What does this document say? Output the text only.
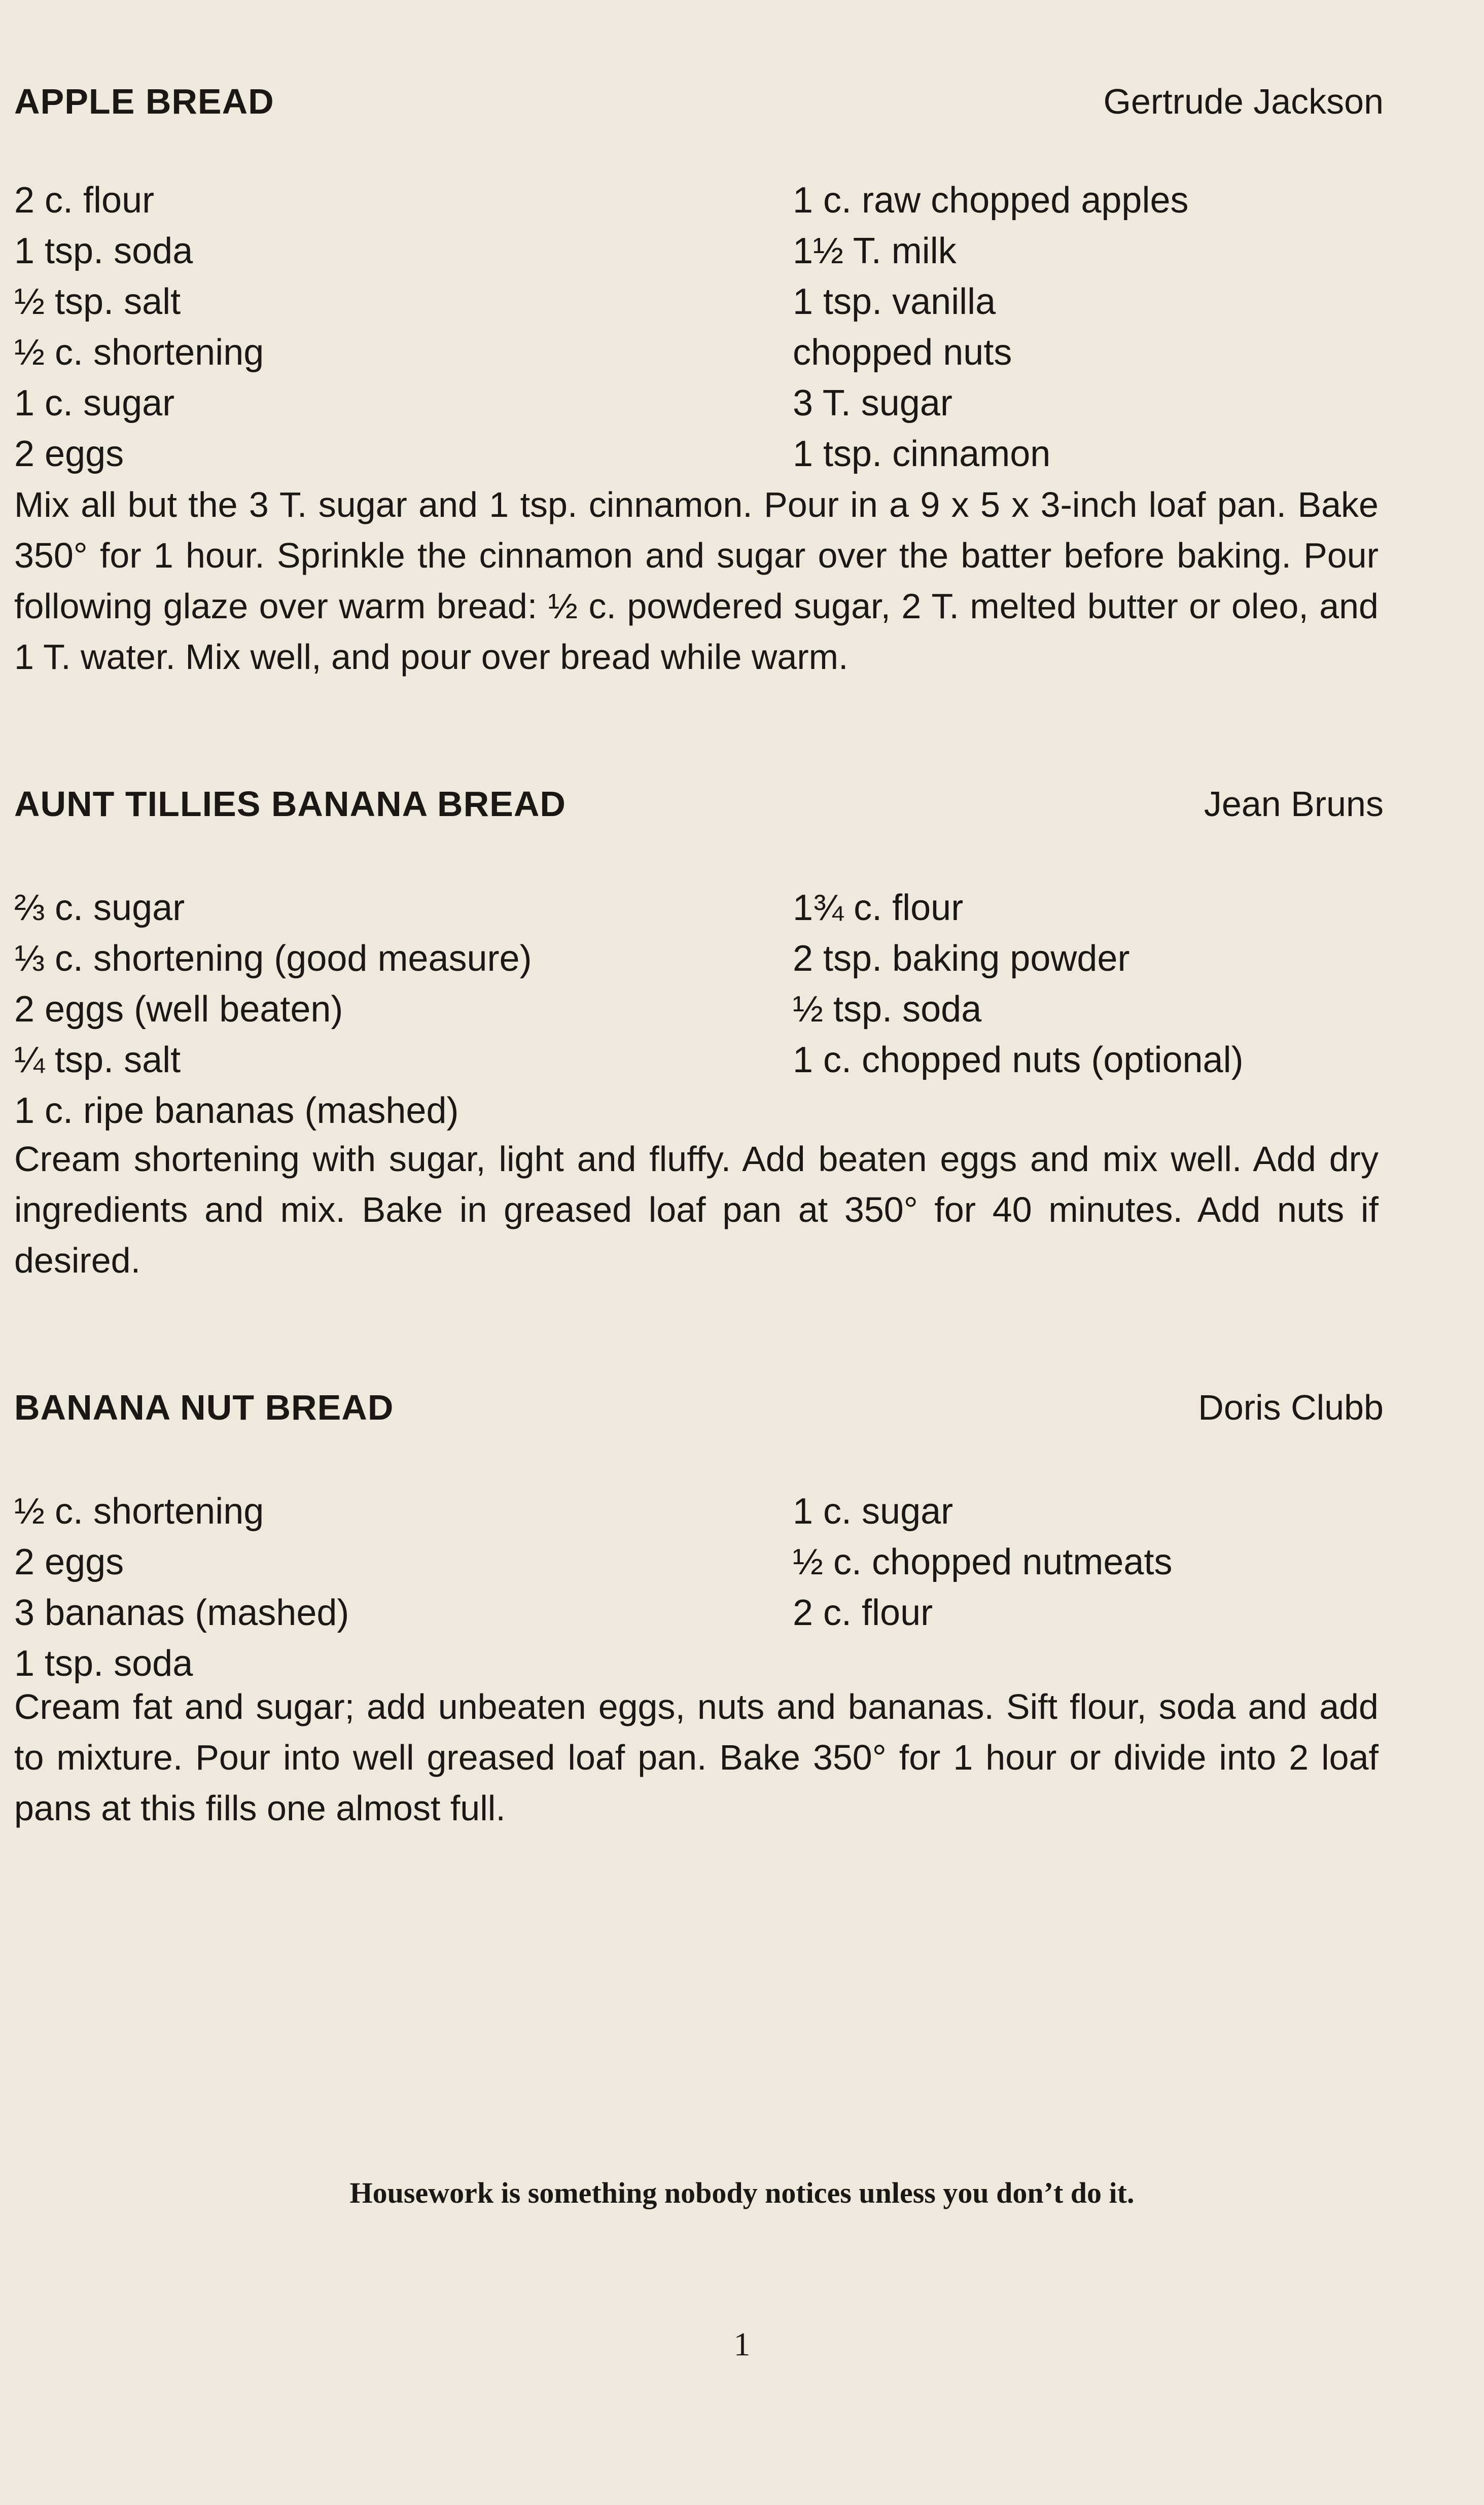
APPLE BREAD	Gertrude Jackson
2 c. flour
1 tsp. soda
½ tsp. salt
½ c. shortening
1 c. sugar
2 eggs
1 c. raw chopped apples
1½ T. milk
1 tsp. vanilla
chopped nuts
3 T. sugar
1 tsp. cinnamon

Mix all but the 3 T. sugar and 1 tsp. cinnamon. Pour in a 9 x 5 x 3-inch loaf pan. Bake 350° for 1 hour. Sprinkle the cinnamon and sugar over the batter before baking. Pour following glaze over warm bread: ½ c. powdered sugar, 2 T. melted butter or oleo, and 1 T. water. Mix well, and pour over bread while warm.

AUNT TILLIES BANANA BREAD	Jean Bruns
⅔ c. sugar
⅓ c. shortening (good measure)
2 eggs (well beaten)
¼ tsp. salt
1 c. ripe bananas (mashed)
1¾ c. flour
2 tsp. baking powder
½ tsp. soda
1 c. chopped nuts (optional)

Cream shortening with sugar, light and fluffy. Add beaten eggs and mix well. Add dry ingredients and mix. Bake in greased loaf pan at 350° for 40 minutes. Add nuts if desired.

BANANA NUT BREAD	Doris Clubb
½ c. shortening
2 eggs
3 bananas (mashed)
1 tsp. soda
1 c. sugar
½ c. chopped nutmeats
2 c. flour

Cream fat and sugar; add unbeaten eggs, nuts and bananas. Sift flour, soda and add to mixture. Pour into well greased loaf pan. Bake 350° for 1 hour or divide into 2 loaf pans at this fills one almost full.

Housework is something nobody notices unless you don’t do it.
1
